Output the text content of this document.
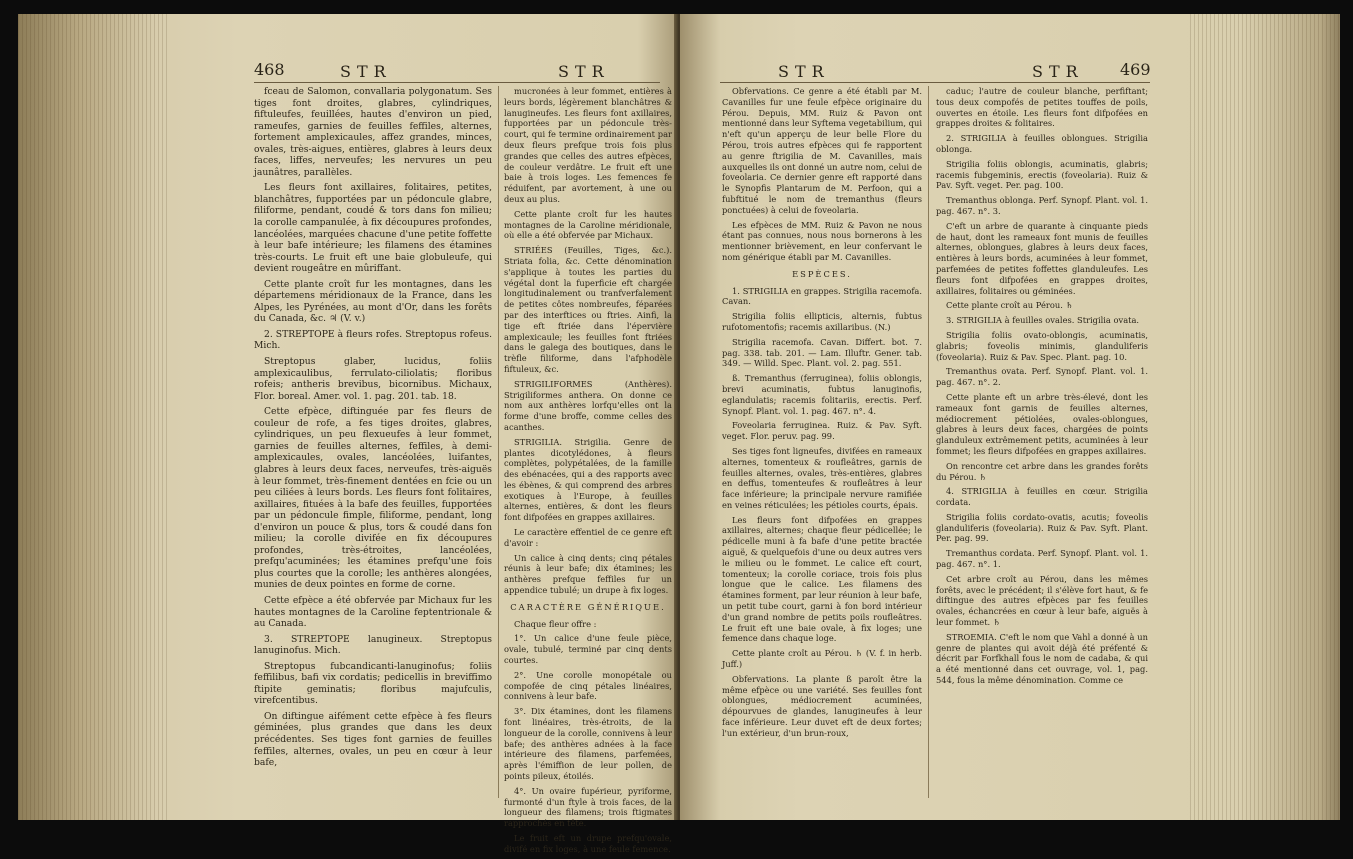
468	STR	STR

fceau de Salomon, convallaria polygonatum. Ses tiges font droites, glabres, cylindriques, fiftuleufes, feuillées, hautes d'environ un pied, rameufes, garnies de feuilles feffiles, alternes, fortement amplexicaules, affez grandes, minces, ovales, très-aigues, entières, glabres à leurs deux faces, liffes, nerveufes; les nervures un peu jaunâtres, parallèles.

Les fleurs font axillaires, folitaires, petites, blanchâtres, fupportées par un pédoncule glabre, filiforme, pendant, coudé & tors dans fon milieu; la corolle campanulée, à fix découpures profondes, lancéolées, marquées chacune d'une petite foffette à leur bafe intérieure; les filamens des étamines très-courts. Le fruit eft une baie globuleufe, qui devient rougeâtre en mûriffant.

Cette plante croît fur les montagnes, dans les départemens méridionaux de la France, dans les Alpes, les Pyrénées, au mont d'Or, dans les forêts du Canada, &c. ♃ (V. v.)

2. STREPTOPE à fleurs rofes. Streptopus rofeus. Mich.

Streptopus glaber, lucidus, foliis amplexicaulibus, ferrulato-ciliolatis; floribus rofeis; antheris brevibus, bicornibus. Michaux, Flor. boreal. Amer. vol. 1. pag. 201. tab. 18.

Cette efpèce, diftinguée par fes fleurs de couleur de rofe, a fes tiges droites, glabres, cylindriques, un peu flexueufes à leur fommet, garnies de feuilles alternes, feffiles, à demi-amplexicaules, ovales, lancéolées, luifantes, glabres à leurs deux faces, nerveufes, très-aiguës à leur fommet, très-finement dentées en fcie ou un peu ciliées à leurs bords. Les fleurs font folitaires, axillaires, fituées à la bafe des feuilles, fupportées par un pédoncule fimple, filiforme, pendant, long d'environ un pouce & plus, tors & coudé dans fon milieu; la corolle divifée en fix découpures profondes, très-étroites, lancéolées, prefqu'acuminées; les étamines prefqu'une fois plus courtes que la corolle; les anthères alongées, munies de deux pointes en forme de corne.

Cette efpèce a été obfervée par Michaux fur les hautes montagnes de la Caroline feptentrionale & au Canada.

3. STREPTOPE lanugineux. Streptopus lanuginofus. Mich.

Streptopus fubcandicanti-lanuginofus; foliis feffilibus, bafi vix cordatis; pedicellis in breviffimo ftipite geminatis; floribus majufculis, virefcentibus.

On diftingue aifément cette efpèce à fes fleurs géminées, plus grandes que dans les deux précédentes. Ses tiges font garnies de feuilles feffiles, alternes, ovales, un peu en cœur à leur bafe,

mucronées à leur fommet, entières à leurs bords, légèrement blanchâtres & lanugineufes. Les fleurs font axillaires, fupportées par un pédoncule très-court, qui fe termine ordinairement par deux fleurs prefque trois fois plus grandes que celles des autres efpèces, de couleur verdâtre. Le fruit eft une baie à trois loges. Les femences fe réduifent, par avortement, à une ou deux au plus.

Cette plante croît fur les hautes montagnes de la Caroline méridionale, où elle a été obfervée par Michaux.

STRIÉES (Feuilles, Tiges, &c.). Striata folia, &c. Cette dénomination s'applique à toutes les parties du végétal dont la fuperficie eft chargée longitudinalement ou tranfverfalement de petites côtes nombreufes, féparées par des interftices ou ftries. Ainfi, la tige eft ftriée dans l'épervière amplexicaule; les feuilles font ftriées dans le galega des boutiques, dans le trèfle filiforme, dans l'afphodèle fiftuleux, &c.

STRIGILIFORMES (Anthères). Strigiliformes anthera. On donne ce nom aux anthères lorfqu'elles ont la forme d'une broffe, comme celles des acanthes.

STRIGILIA. Strigilia. Genre de plantes dicotylédones, à fleurs complètes, polypétalées, de la famille des ebénacées, qui a des rapports avec les ébènes, & qui comprend des arbres exotiques à l'Europe, à feuilles alternes, entières, & dont les fleurs font difpofées en grappes axillaires.

Le caractère effentiel de ce genre eft d'avoir :

Un calice à cinq dents; cinq pétales réunis à leur bafe; dix étamines; les anthères prefque feffiles fur un appendice tubulé; un drupe à fix loges.

CARACTÈRE GÉNÉRIQUE.

Chaque fleur offre :

1°. Un calice d'une feule pièce, ovale, tubulé, terminé par cinq dents courtes.

2°. Une corolle monopétale ou compofée de cinq pétales linéaires, connivens à leur bafe.

3°. Dix étamines, dont les filamens font linéaires, très-étroits, de la longueur de la corolle, connivens à leur bafe; des anthères adnées à la face intérieure des filamens, parfemées, après l'émiffion de leur pollen, de points pileux, étoilés.

4°. Un ovaire fupérieur, pyriforme, furmonté d'un ftyle à trois faces, de la longueur des filamens; trois ftigmates rapprochés en tête.

Le fruit eft un drupe prefqu'ovale, divifé en fix loges, à une feule femence.

STR	STR 469

Obfervations. Ce genre a été établi par M. Cavanilles fur une feule efpèce originaire du Pérou. Depuis, MM. Ruiz & Pavon ont mentionné dans leur Syftema vegetabilium, qui n'eft qu'un apperçu de leur belle Flore du Pérou, trois autres efpèces qui fe rapportent au genre ftrigilia de M. Cavanilles, mais auxquelles ils ont donné un autre nom, celui de foveolaria. Ce dernier genre eft rapporté dans le Synopfis Plantarum de M. Perfoon, qui a fubftitué le nom de tremanthus (fleurs ponctuées) à celui de foveolaria.

Les efpèces de MM. Ruiz & Pavon ne nous étant pas connues, nous nous bornerons à les mentionner brièvement, en leur confervant le nom générique établi par M. Cavanilles.

ESPÈCES.

1. STRIGILIA en grappes. Strigilia racemofa. Cavan.

Strigilia foliis ellipticis, alternis, fubtus rufotomentofis; racemis axillaribus. (N.)

Strigilia racemofa. Cavan. Differt. bot. 7. pag. 338. tab. 201. — Lam. Illuftr. Gener. tab. 349. — Willd. Spec. Plant. vol. 2. pag. 551.

ß. Tremanthus (ferruginea), foliis oblongis, brevi acuminatis, fubtus lanuginofis, eglandulatis; racemis folitariis, erectis. Perf. Synopf. Plant. vol. 1. pag. 467. n°. 4.

Foveolaria ferruginea. Ruiz. & Pav. Syft. veget. Flor. peruv. pag. 99.

Ses tiges font ligneufes, divifées en rameaux alternes, tomenteux & roufleâtres, garnis de feuilles alternes, ovales, très-entières, glabres en deffus, tomenteufes & roufleâtres à leur face inférieure; la principale nervure ramifiée en veines réticulées; les pétioles courts, épais.

Les fleurs font difpofées en grappes axillaires, alternes; chaque fleur pédicellée; le pédicelle muni à fa bafe d'une petite bractée aiguë, & quelquefois d'une ou deux autres vers le milieu ou le fommet. Le calice eft court, tomenteux; la corolle coriace, trois fois plus longue que le calice. Les filamens des étamines forment, par leur réunion à leur bafe, un petit tube court, garni à fon bord intérieur d'un grand nombre de petits poils roufleâtres. Le fruit eft une baie ovale, à fix loges; une femence dans chaque loge.

Cette plante croît au Pérou. ♄ (V. f. in herb. Juff.)

Obfervations. La plante ß paroît être la même efpèce ou une variété. Ses feuilles font oblongues, médiocrement acuminées, dépourvues de glandes, lanugineufes à leur face inférieure. Leur duvet eft de deux fortes; l'un extérieur, d'un brun-roux,

caduc; l'autre de couleur blanche, perfiftant; tous deux compofés de petites touffes de poils, ouvertes en étoile. Les fleurs font difpofées en grappes droites & folitaires.

2. STRIGILIA à feuilles oblongues. Strigilia oblonga.

Strigilia foliis oblongis, acuminatis, glabris; racemis fubgeminis, erectis (foveolaria). Ruiz & Pav. Syft. veget. Per. pag. 100.

Tremanthus oblonga. Perf. Synopf. Plant. vol. 1. pag. 467. n°. 3.

C'eft un arbre de quarante à cinquante pieds de haut, dont les rameaux font munis de feuilles alternes, oblongues, glabres à leurs deux faces, entières à leurs bords, acuminées à leur fommet, parfemées de petites foffettes glanduleufes. Les fleurs font difpofées en grappes droites, axillaires, folitaires ou géminées.

Cette plante croît au Pérou. ♄

3. STRIGILIA à feuilles ovales. Strigilia ovata.

Strigilia foliis ovato-oblongis, acuminatis, glabris; foveolis minimis, glanduliferis (foveolaria). Ruiz & Pav. Spec. Plant. pag. 10.

Tremanthus ovata. Perf. Synopf. Plant. vol. 1. pag. 467. n°. 2.

Cette plante eft un arbre très-élevé, dont les rameaux font garnis de feuilles alternes, médiocrement pétiolées, ovales-oblongues, glabres à leurs deux faces, chargées de points glanduleux extrêmement petits, acuminées à leur fommet; les fleurs difpofées en grappes axillaires.

On rencontre cet arbre dans les grandes forêts du Pérou. ♄

4. STRIGILIA à feuilles en cœur. Strigilia cordata.

Strigilia foliis cordato-ovatis, acutis; foveolis glanduliferis (foveolaria). Ruiz & Pav. Syft. Plant. Per. pag. 99.

Tremanthus cordata. Perf. Synopf. Plant. vol. 1. pag. 467. n°. 1.

Cet arbre croît au Pérou, dans les mêmes forêts, avec le précédent; il s'élève fort haut, & fe diftingue des autres efpèces par fes feuilles ovales, échancrées en cœur à leur bafe, aiguës à leur fommet. ♄

STROEMIA. C'eft le nom que Vahl a donné à un genre de plantes qui avoit déjà été préfenté & décrit par Forfkhall fous le nom de cadaba, & qui a été mentionné dans cet ouvrage, vol. 1, pag. 544, fous la même dénomination. Comme ce
